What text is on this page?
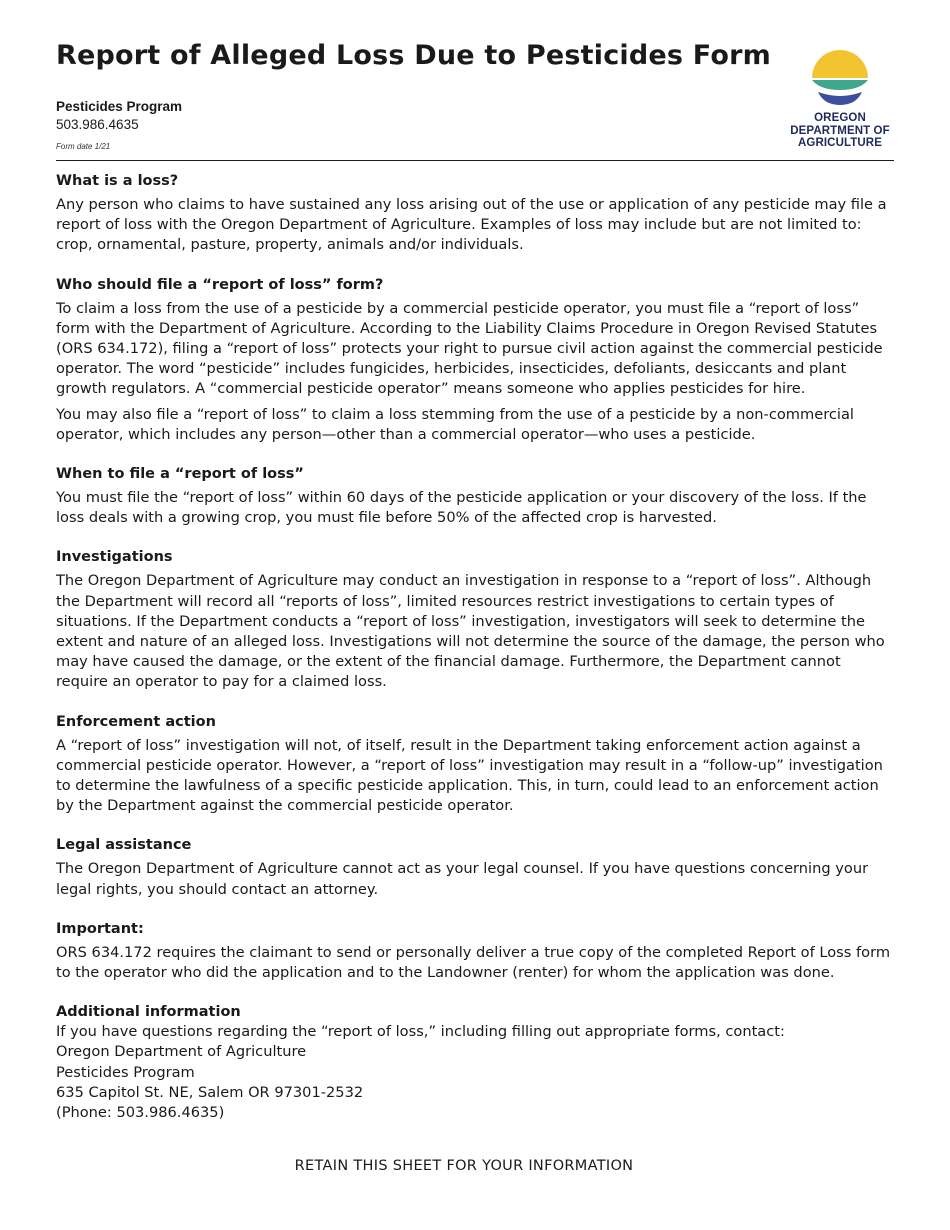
Report of Alleged Loss Due to Pesticides Form
Pesticides Program
503.986.4635
Form date 1/21
OREGON
DEPARTMENT OF
AGRICULTURE
What is a loss?

Any person who claims to have sustained any loss arising out of the use or application of any pesticide may file a report of loss with the Oregon Department of Agriculture. Examples of loss may include but are not limited to: crop, ornamental, pasture, property, animals and/or individuals.

Who should file a “report of loss” form?

To claim a loss from the use of a pesticide by a commercial pesticide operator, you must file a “report of loss” form with the Department of Agriculture. According to the Liability Claims Procedure in Oregon Revised Statutes (ORS 634.172), filing a “report of loss” protects your right to pursue civil action against the commercial pesticide operator. The word “pesticide” includes fungicides, herbicides, insecticides, defoliants, desiccants and plant growth regulators. A “commercial pesticide operator” means someone who applies pesticides for hire.

You may also file a “report of loss” to claim a loss stemming from the use of a pesticide by a non-commercial operator, which includes any person—other than a commercial operator—who uses a pesticide.

When to file a “report of loss”

You must file the “report of loss” within 60 days of the pesticide application or your discovery of the loss. If the loss deals with a growing crop, you must file before 50% of the affected crop is harvested.

Investigations

The Oregon Department of Agriculture may conduct an investigation in response to a “report of loss”. Although the Department will record all “reports of loss”, limited resources restrict investigations to certain types of situations. If the Department conducts a “report of loss” investigation, investigators will seek to determine the extent and nature of an alleged loss. Investigations will not determine the source of the damage, the person who may have caused the damage, or the extent of the financial damage. Furthermore, the Department cannot require an operator to pay for a claimed loss.

Enforcement action

A “report of loss” investigation will not, of itself, result in the Department taking enforcement action against a commercial pesticide operator. However, a “report of loss” investigation may result in a “follow-up” investigation to determine the lawfulness of a specific pesticide application. This, in turn, could lead to an enforcement action by the Department against the commercial pesticide operator.

Legal assistance

The Oregon Department of Agriculture cannot act as your legal counsel. If you have questions concerning your legal rights, you should contact an attorney.

Important:

ORS 634.172 requires the claimant to send or personally deliver a true copy of the completed Report of Loss form to the operator who did the application and to the Landowner (renter) for whom the application was done.

Additional information
If you have questions regarding the “report of loss,” including filling out appropriate forms, contact:
Oregon Department of Agriculture
Pesticides Program
635 Capitol St. NE, Salem OR 97301-2532
(Phone: 503.986.4635)
RETAIN THIS SHEET FOR YOUR INFORMATION
